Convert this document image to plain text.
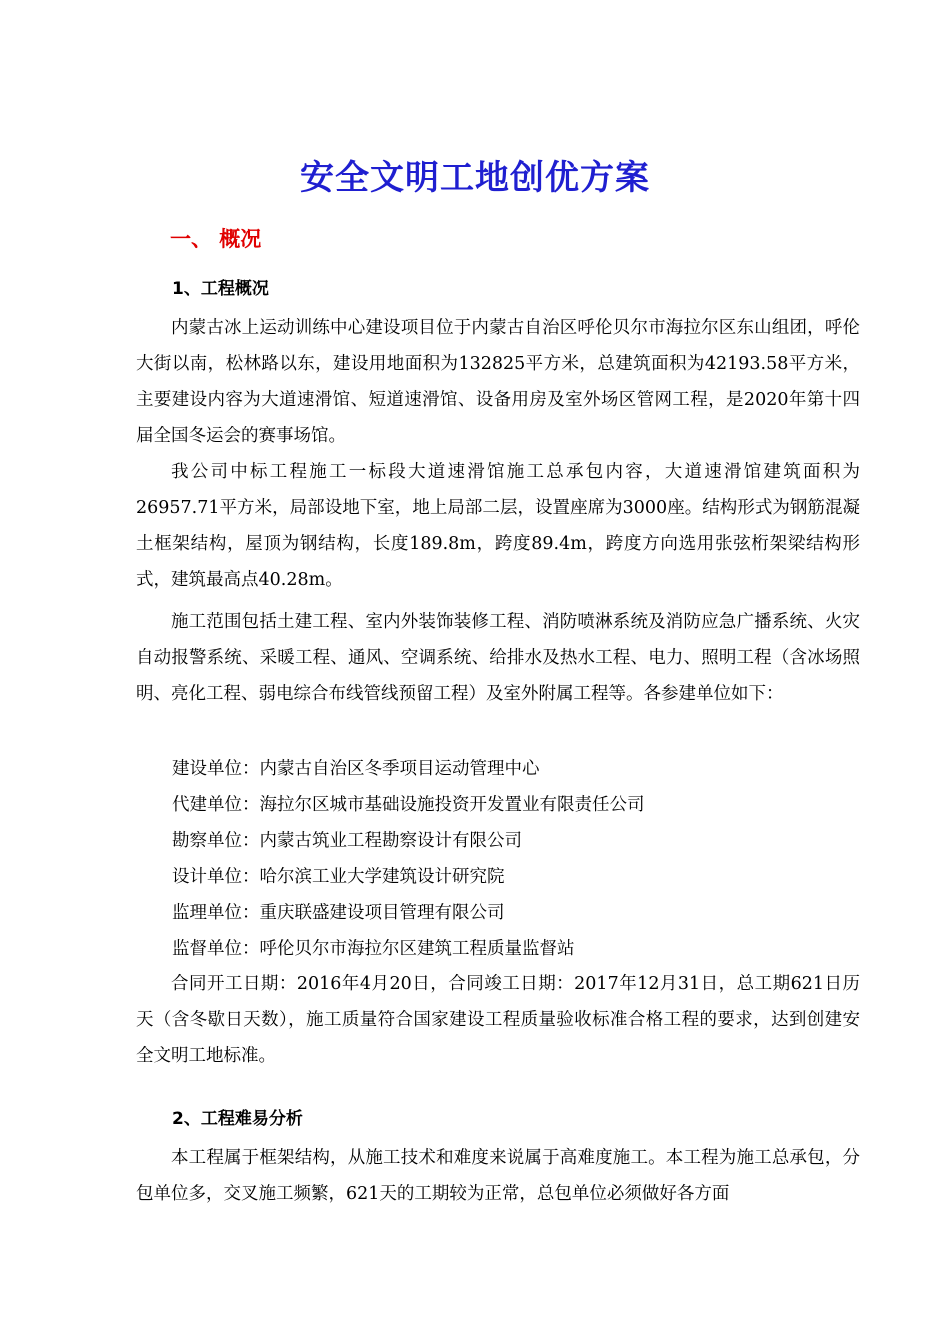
安全文明工地创优方案
一、 概况
1、工程概况

内蒙古冰上运动训练中心建设项目位于内蒙古自治区呼伦贝尔市海拉尔区东山组团，呼伦大街以南，松林路以东，建设用地面积为132825平方米，总建筑面积为42193.58平方米，主要建设内容为大道速滑馆、短道速滑馆、设备用房及室外场区管网工程，是2020年第十四届全国冬运会的赛事场馆。

我公司中标工程施工一标段大道速滑馆施工总承包内容，大道速滑馆建筑面积为26957.71平方米，局部设地下室，地上局部二层，设置座席为3000座。结构形式为钢筋混凝土框架结构，屋顶为钢结构，长度189.8m，跨度89.4m，跨度方向选用张弦桁架梁结构形式，建筑最高点40.28m。

施工范围包括土建工程、室内外装饰装修工程、消防喷淋系统及消防应急广播系统、火灾自动报警系统、采暖工程、通风、空调系统、给排水及热水工程、电力、照明工程（含冰场照明、亮化工程、弱电综合布线管线预留工程）及室外附属工程等。各参建单位如下：

建设单位：内蒙古自治区冬季项目运动管理中心
代建单位：海拉尔区城市基础设施投资开发置业有限责任公司
勘察单位：内蒙古筑业工程勘察设计有限公司
设计单位：哈尔滨工业大学建筑设计研究院
监理单位：重庆联盛建设项目管理有限公司
监督单位：呼伦贝尔市海拉尔区建筑工程质量监督站

合同开工日期：2016年4月20日，合同竣工日期：2017年12月31日，总工期621日历天（含冬歇日天数），施工质量符合国家建设工程质量验收标准合格工程的要求，达到创建安全文明工地标准。

2、工程难易分析

本工程属于框架结构，从施工技术和难度来说属于高难度施工。本工程为施工总承包，分包单位多，交叉施工频繁，621天的工期较为正常，总包单位必须做好各方面
